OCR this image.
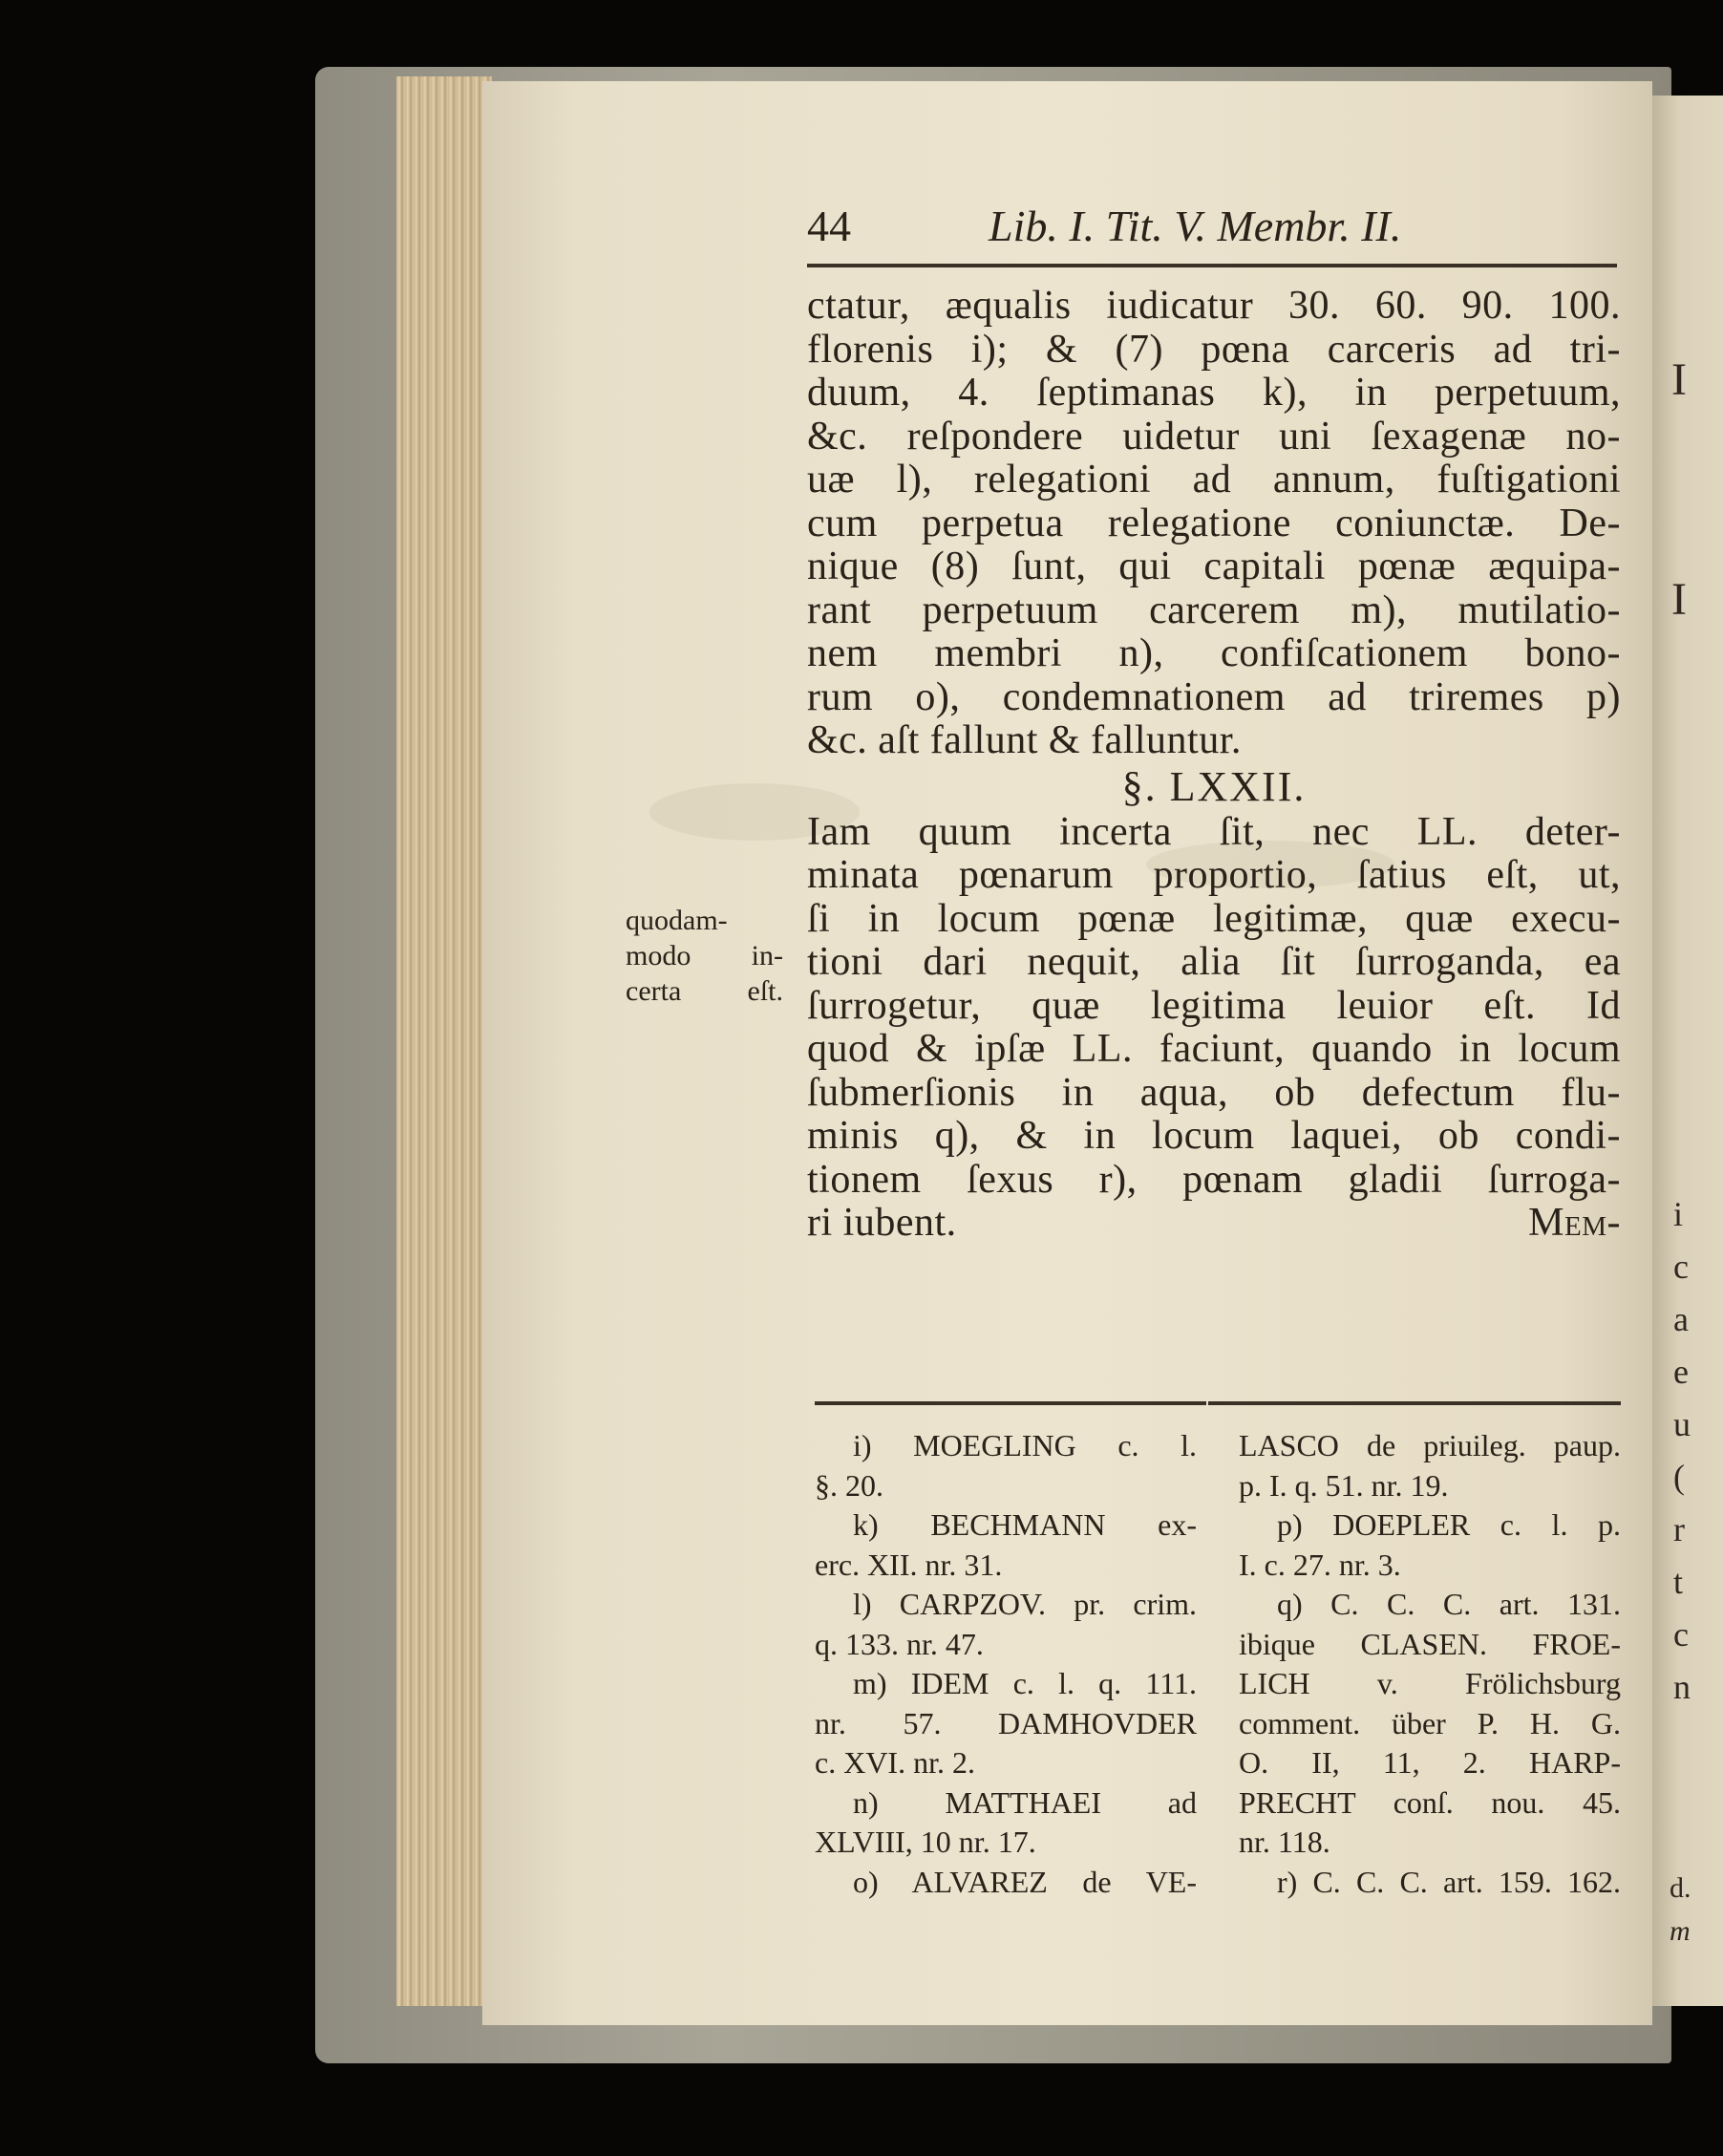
I
I
i
c
a
e
u
(
r
t
c
n
d.
m
44	Lib. I. Tit. V. Membr. II.
ctatur, æqualis iudicatur 30. 60. 90. 100.
florenis i); & (7) pœna carceris ad tri-
duum, 4. ſeptimanas k), in perpetuum,
&c. reſpondere uidetur uni ſexagenæ no-
uæ l), relegationi ad annum, fuſtigationi
cum perpetua relegatione coniunctæ. De-
nique (8) ſunt, qui capitali pœnæ æquipa-
rant perpetuum carcerem m), mutilatio-
nem membri n), confiſcationem bono-
rum o), condemnationem ad triremes p)
&c. aſt fallunt & falluntur.
§. LXXII.
Iam quum incerta ſit, nec LL. deter-
minata pœnarum proportio, ſatius eſt, ut,
ſi in locum pœnæ legitimæ, quæ execu-
tioni dari nequit, alia ſit ſurroganda, ea
ſurrogetur, quæ legitima leuior eſt. Id
quod & ipſæ LL. faciunt, quando in locum
ſubmerſionis in aqua, ob defectum flu-
minis q), & in locum laquei, ob condi-
tionem ſexus r), pœnam gladii ſurroga-
ri iubent.	Mem-
quodam-
modo in-
certa eſt.
i) MOEGLING c. l.
§. 20.
k) BECHMANN ex-
erc. XII. nr. 31.
l) CARPZOV. pr. crim.
q. 133. nr. 47.
m) IDEM c. l. q. 111.
nr. 57. DAMHOVDER
c. XVI. nr. 2.
n) MATTHAEI ad
XLVIII, 10 nr. 17.
o) ALVAREZ de VE-
LASCO de priuileg. paup.
p. I. q. 51. nr. 19.
p) DOEPLER c. l. p.
I. c. 27. nr. 3.
q) C. C. C. art. 131.
ibique CLASEN. FROE-
LICH v. Frölichsburg
comment. über P. H. G.
O. II, 11, 2. HARP-
PRECHT conſ. nou. 45.
nr. 118.
r) C. C. C. art. 159. 162.
